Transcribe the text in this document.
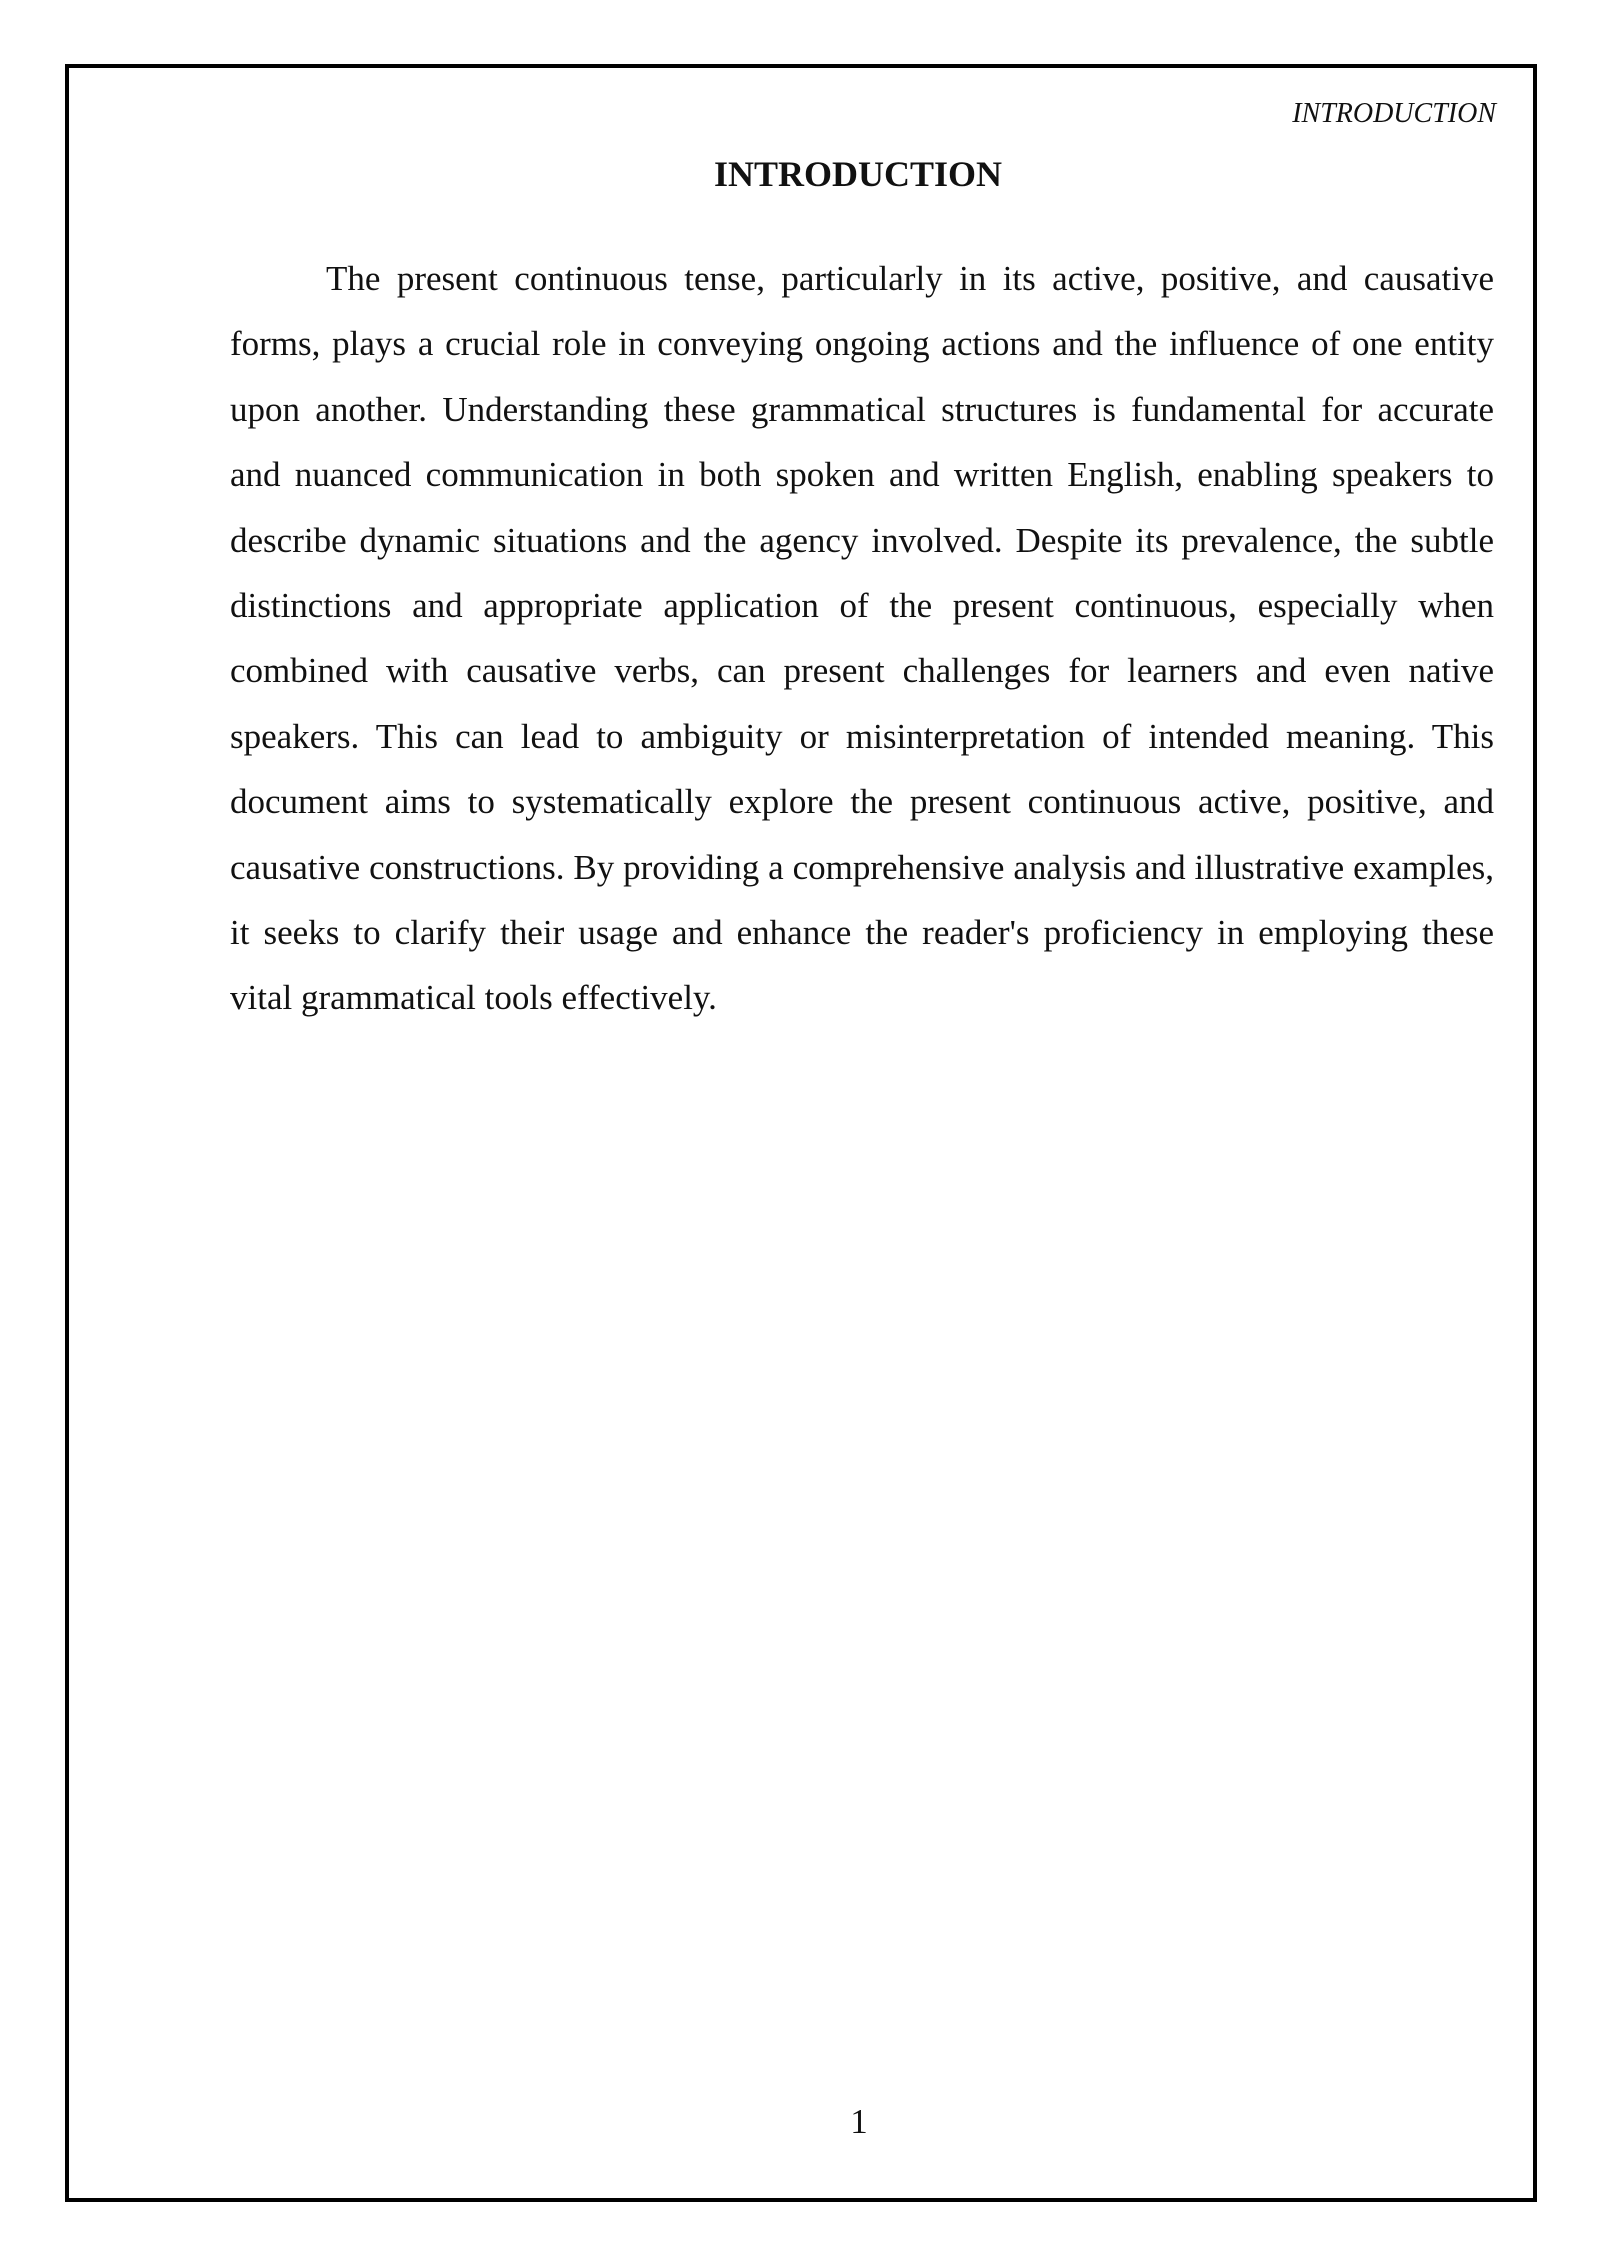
INTRODUCTION
INTRODUCTION

The present continuous tense, particularly in its active, positive, and causative forms, plays a crucial role in conveying ongoing actions and the influence of one entity upon another. Understanding these grammatical structures is fundamental for accurate and nuanced communication in both spoken and written English, enabling speakers to describe dynamic situations and the agency involved. Despite its prevalence, the subtle distinctions and appropriate application of the present continuous, especially when combined with causative verbs, can present challenges for learners and even native speakers. This can lead to ambiguity or misinterpretation of intended meaning. This document aims to systematically explore the present continuous active, positive, and causative constructions. By providing a comprehensive analysis and illustrative examples, it seeks to clarify their usage and enhance the reader's proficiency in employing these vital grammatical tools effectively.

1
